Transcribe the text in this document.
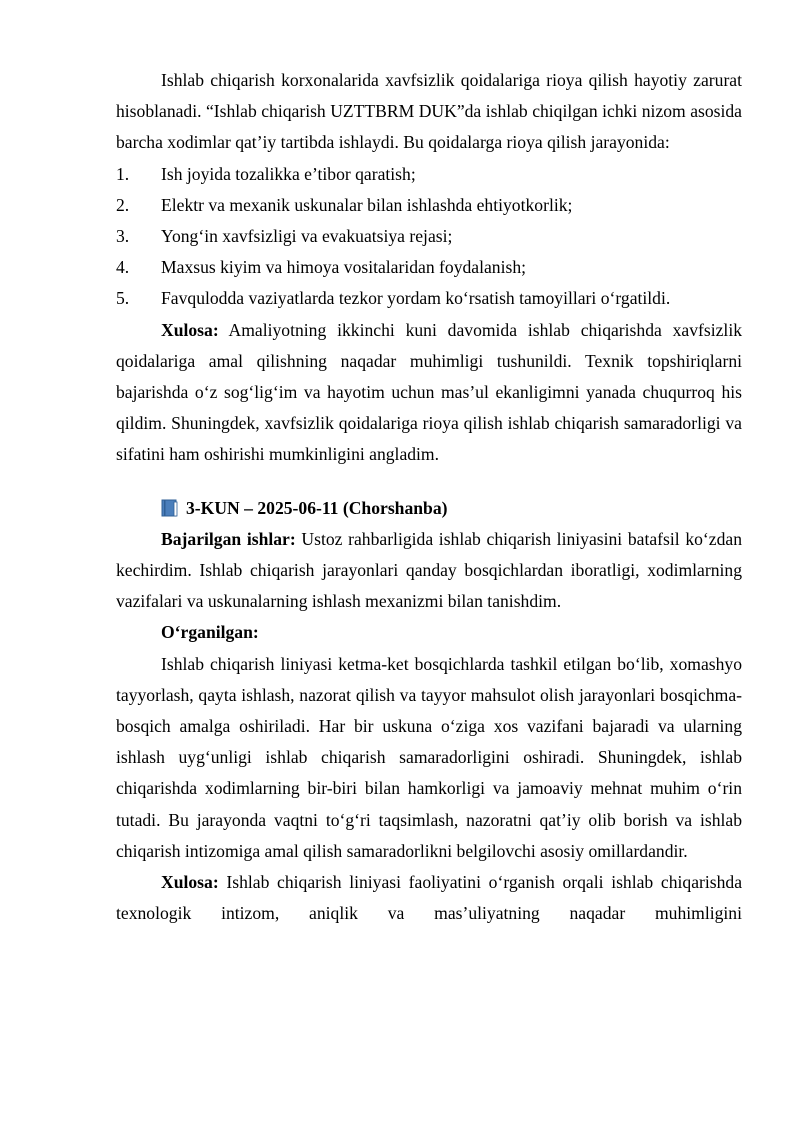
Ishlab chiqarish korxonalarida xavfsizlik qoidalariga rioya qilish hayotiy zarurat hisoblanadi. “Ishlab chiqarish UZTTBRM DUK”da ishlab chiqilgan ichki nizom asosida barcha xodimlar qat’iy tartibda ishlaydi. Bu qoidalarga rioya qilish jarayonida:

1.	Ish joyida tozalikka e’tibor qaratish;
2.	Elektr va mexanik uskunalar bilan ishlashda ehtiyotkorlik;
3.	Yong‘in xavfsizligi va evakuatsiya rejasi;
4.	Maxsus kiyim va himoya vositalaridan foydalanish;
5.	Favqulodda vaziyatlarda tezkor yordam ko‘rsatish tamoyillari o‘rgatildi.

Xulosa: Amaliyotning ikkinchi kuni davomida ishlab chiqarishda xavfsizlik qoidalariga amal qilishning naqadar muhimligi tushunildi. Texnik topshiriqlarni bajarishda o‘z sog‘lig‘im va hayotim uchun mas’ul ekanligimni yanada chuqurroq his qildim. Shuningdek, xavfsizlik qoidalariga rioya qilish ishlab chiqarish samaradorligi va sifatini ham oshirishi mumkinligini angladim.

3-KUN – 2025-06-11 (Chorshanba)

Bajarilgan ishlar: Ustoz rahbarligida ishlab chiqarish liniyasini batafsil ko‘zdan kechirdim. Ishlab chiqarish jarayonlari qanday bosqichlardan iboratligi, xodimlarning vazifalari va uskunalarning ishlash mexanizmi bilan tanishdim.

O‘rganilgan:

Ishlab chiqarish liniyasi ketma-ket bosqichlarda tashkil etilgan bo‘lib, xomashyo tayyorlash, qayta ishlash, nazorat qilish va tayyor mahsulot olish jarayonlari bosqichma-bosqich amalga oshiriladi. Har bir uskuna o‘ziga xos vazifani bajaradi va ularning ishlash uyg‘unligi ishlab chiqarish samaradorligini oshiradi. Shuningdek, ishlab chiqarishda xodimlarning bir-biri bilan hamkorligi va jamoaviy mehnat muhim o‘rin tutadi. Bu jarayonda vaqtni to‘g‘ri taqsimlash, nazoratni qat’iy olib borish va ishlab chiqarish intizomiga amal qilish samaradorlikni belgilovchi asosiy omillardandir.

Xulosa: Ishlab chiqarish liniyasi faoliyatini o‘rganish orqali ishlab chiqarishda texnologik intizom, aniqlik va mas’uliyatning naqadar muhimligini
